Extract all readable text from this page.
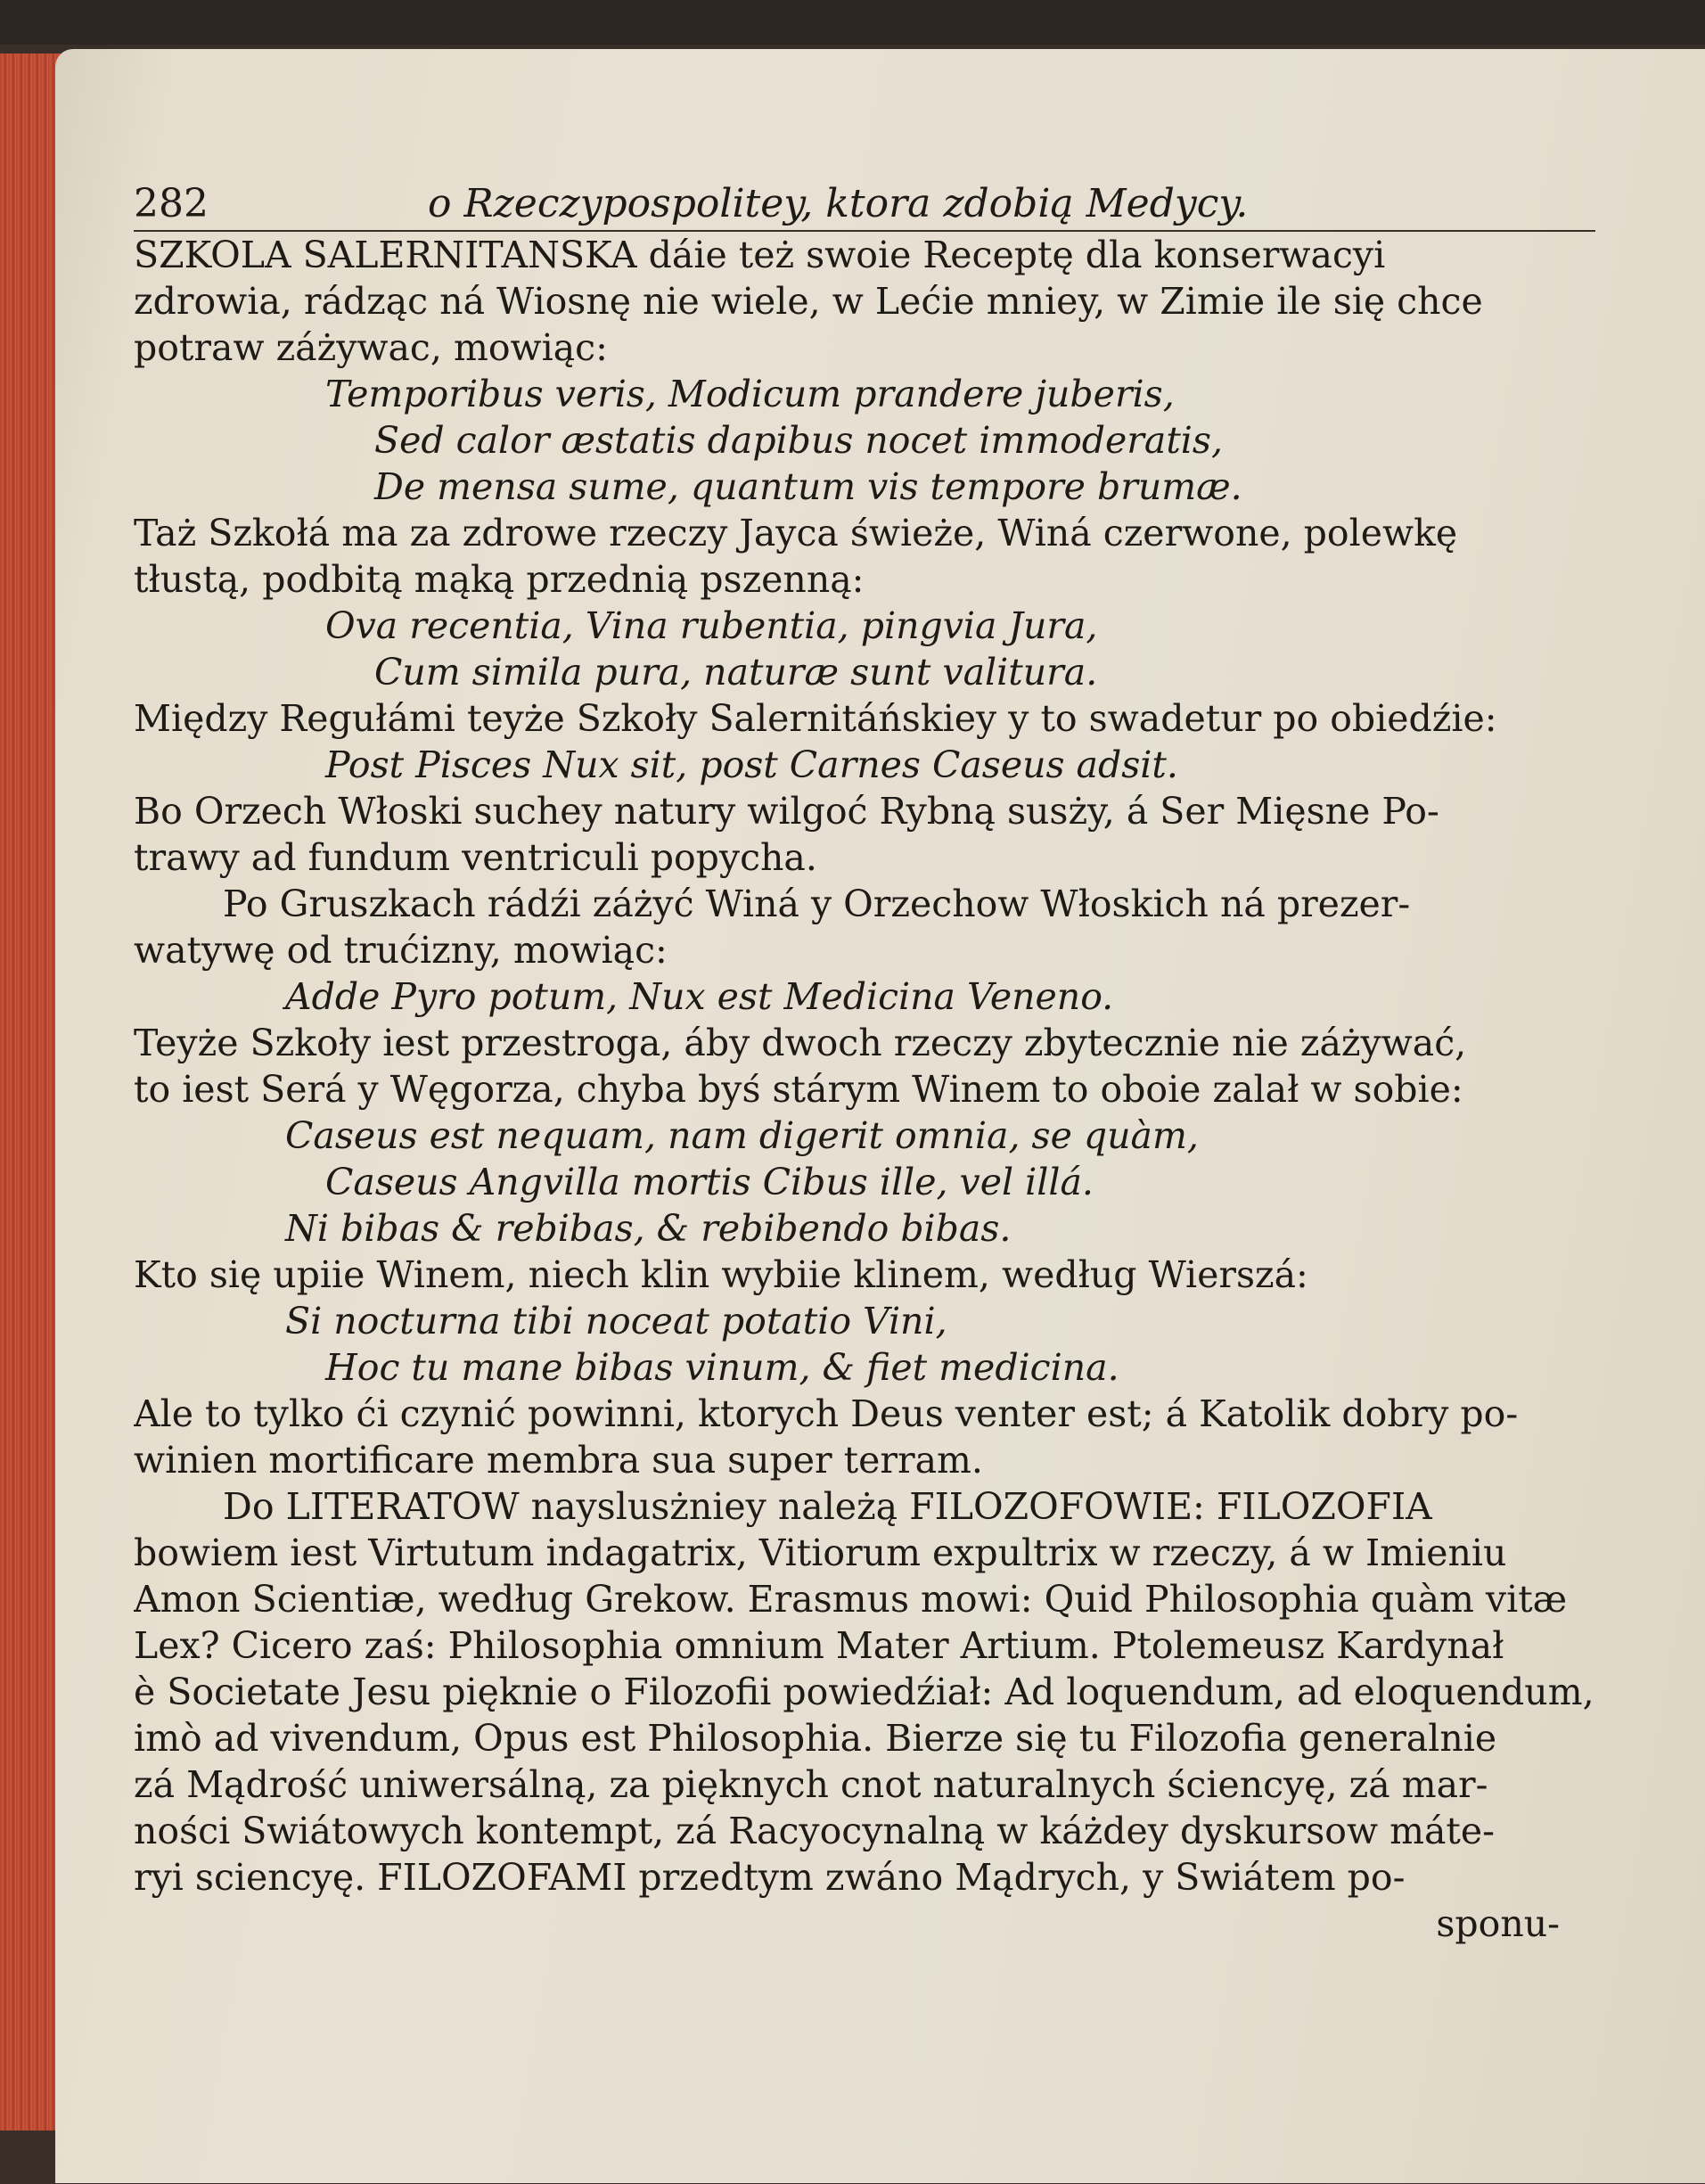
282	o Rzeczypospolitey, ktora zdobią Medycy.
SZKOLA SALERNITANSKA dáie też swoie Receptę dla konserwacyi
zdrowia, rádząc ná Wiosnę nie wiele, w Lećie mniey, w Zimie ile się chce
potraw záżywac, mowiąc:
Temporibus veris, Modicum prandere juberis,
Sed calor æstatis dapibus nocet immoderatis,
De mensa sume, quantum vis tempore brumæ.
Taż Szkołá ma za zdrowe rzeczy Jayca świeże, Winá czerwone, polewkę
tłustą, podbitą mąką przednią pszenną:
Ova recentia, Vina rubentia, pingvia Jura,
Cum simila pura, naturæ sunt valitura.
Między Regułámi teyże Szkoły Salernitáńskiey y to swadetur po obiedźie:
Post Pisces Nux sit, post Carnes Caseus adsit.
Bo Orzech Włoski suchey natury wilgoć Rybną susży, á Ser Mięsne Po-
trawy ad fundum ventriculi popycha.
Po Gruszkach rádźi záżyć Winá y Orzechow Włoskich ná prezer-
watywę od trućizny, mowiąc:
Adde Pyro potum, Nux est Medicina Veneno.
Teyże Szkoły iest przestroga, áby dwoch rzeczy zbytecznie nie záżywać,
to iest Será y Węgorza, chyba byś stárym Winem to oboie zalał w sobie:
Caseus est nequam, nam digerit omnia, se quàm,
Caseus Angvilla mortis Cibus ille, vel illá.
Ni bibas & rebibas, & rebibendo bibas.
Kto się upiie Winem, niech klin wybiie klinem, według Wierszá:
Si nocturna tibi noceat potatio Vini,
Hoc tu mane bibas vinum, & fiet medicina.
Ale to tylko ći czynić powinni, ktorych Deus venter est; á Katolik dobry po-
winien mortificare membra sua super terram.
Do LITERATOW nayslusżniey należą FILOZOFOWIE: FILOZOFIA
bowiem iest Virtutum indagatrix, Vitiorum expultrix w rzeczy, á w Imieniu
Amon Scientiæ, według Grekow. Erasmus mowi: Quid Philosophia quàm vitæ
Lex? Cicero zaś: Philosophia omnium Mater Artium. Ptolemeusz Kardynał
è Societate Jesu pięknie o Filozofii powiedźiał: Ad loquendum, ad eloquendum,
imò ad vivendum, Opus est Philosophia. Bierze się tu Filozofia generalnie
zá Mądrość uniwersálną, za pięknych cnot naturalnych ściencyę, zá mar-
ności Swiátowych kontempt, zá Racyocynalną w káżdey dyskursow máte-
ryi sciencyę. FILOZOFAMI przedtym zwáno Mądrych, y Swiátem po-
sponu-
